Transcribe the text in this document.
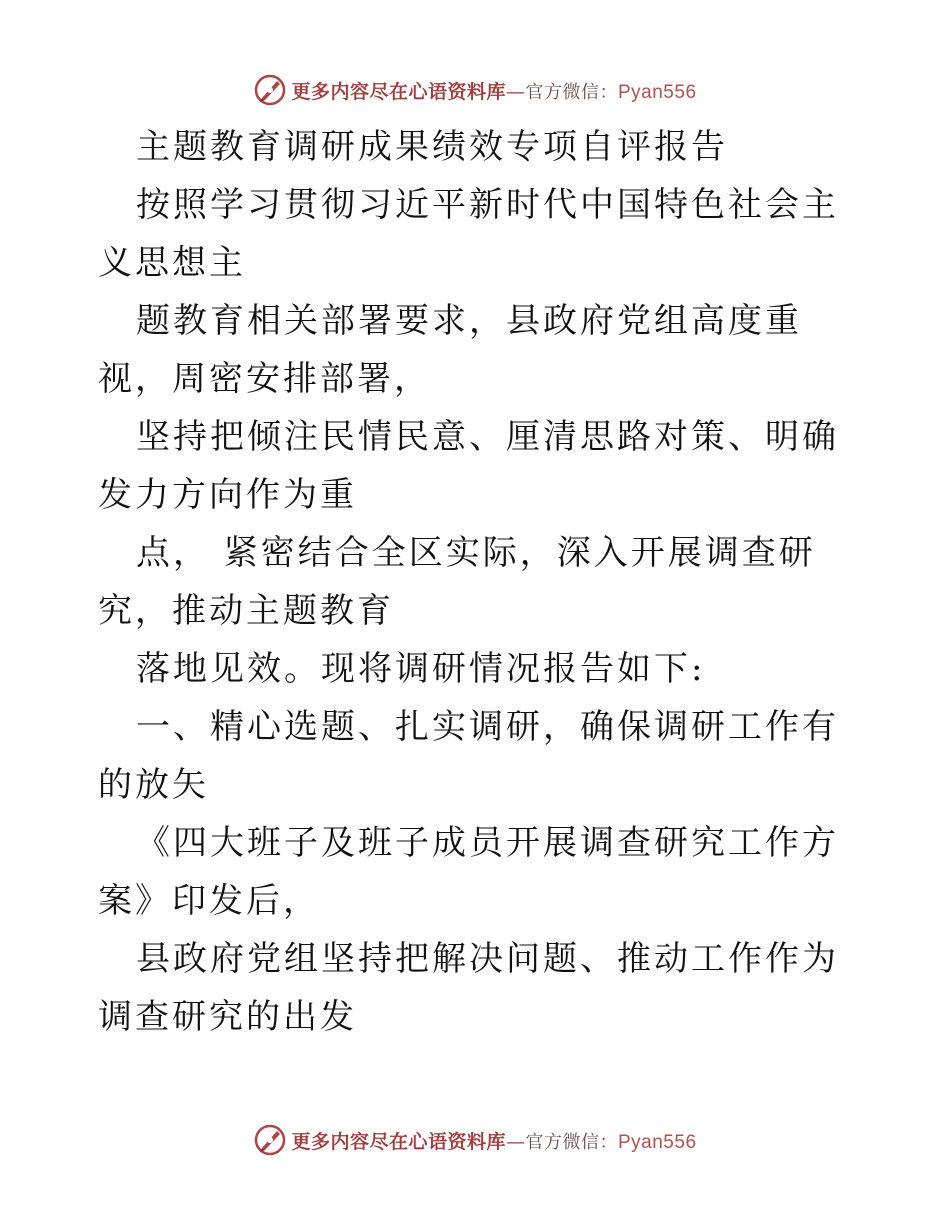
更多内容尽在心语资料库—官方微信：Pyan556

主题教育调研成果绩效专项自评报告

按照学习贯彻习近平新时代中国特色社会主义思想主

题教育相关部署要求，县政府党组高度重视，周密安排部署，

坚持把倾注民情民意、厘清思路对策、明确发力方向作为重

点， 紧密结合全区实际，深入开展调查研究，推动主题教育

落地见效。现将调研情况报告如下:

一、精心选题、扎实调研，确保调研工作有的放矢

《四大班子及班子成员开展调查研究工作方案》印发后，

县政府党组坚持把解决问题、推动工作作为调查研究的出发

更多内容尽在心语资料库—官方微信：Pyan556
